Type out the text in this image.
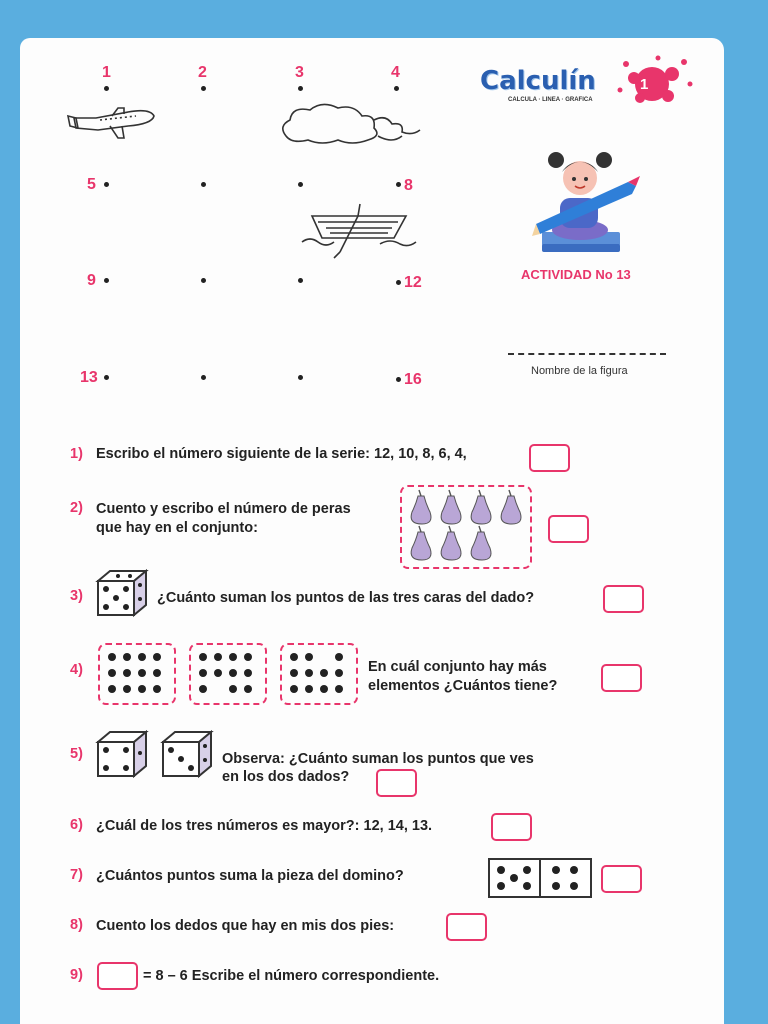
1	2	3	4
5	8
9	12
13	16
Calculín
CALCULA · LINEA · GRAFICA
1
ACTIVIDAD No 13
Nombre de la figura
1) Escribo el número siguiente de la serie: 12, 10, 8, 6, 4,
2) Cuento y escribo el número de peras
que hay en el conjunto:
3)	¿Cuánto suman los puntos de las tres caras del dado?
4)	En cuál conjunto hay más
elementos ¿Cuántos tiene?
5)	Observa: ¿Cuánto suman los puntos que ves
en los dos dados?
6) ¿Cuál de los tres números es mayor?: 12, 14, 13.
7) ¿Cuántos puntos suma la pieza del domino?
8) Cuento los dedos que hay en mis dos pies:
9)	= 8 – 6 Escribe el número correspondiente.
